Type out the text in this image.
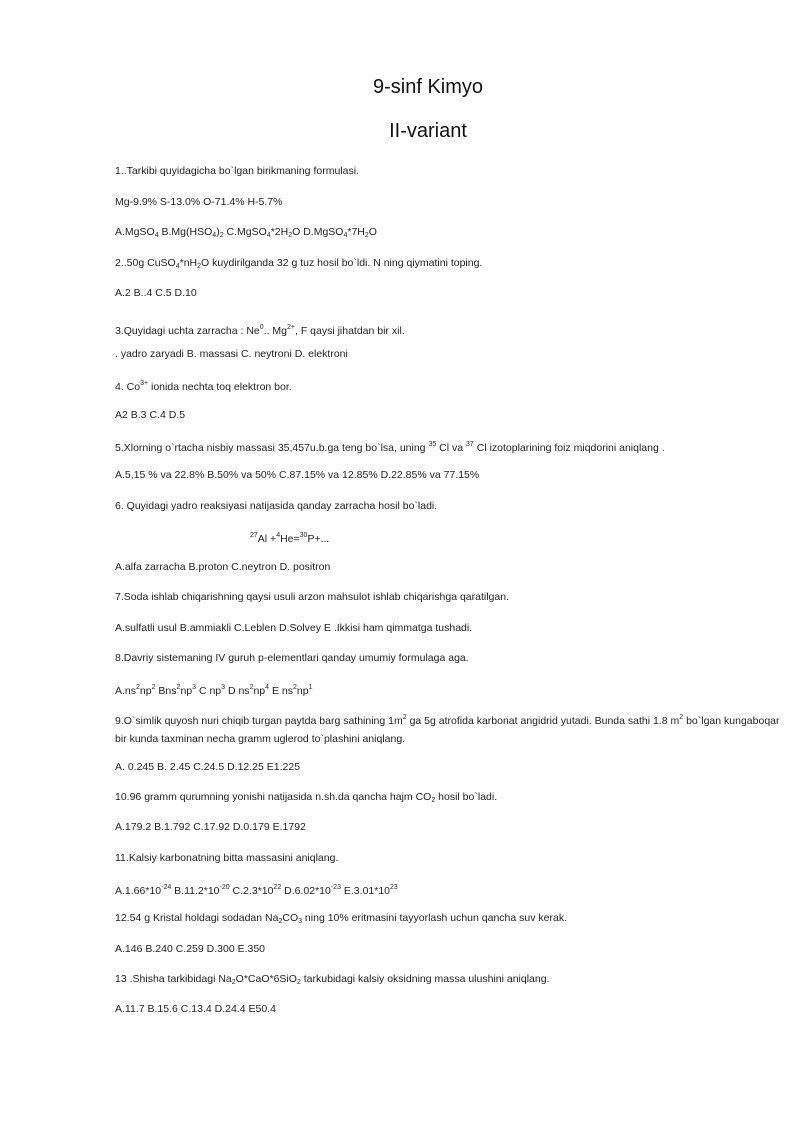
9-sinf Kimyo
II-variant

1..Tarkibi quyidagicha bo`lgan birikmaning formulasi.

Mg-9.9% S-13.0% O-71.4% H-5.7%

A.MgSO$_4$ $B.Mg(HSO_4)_2$ $C.MgSO_4*2H_2O$ $D.MgSO_4*7H_2O$

2..50g $CuSO_4*nH_2O$ kuydirilganda 32 g tuz hosil bo`ldi. N ning qiymatini toping.

A.2 B..4 C.5 D.10

3.Quyidagi uchta zarracha : Ne$^0$.. $Mg^{2+}$, F qaysi jihatdan bir xil.

. yadro zaryadi B. massasi C. neytroni D. elektroni

4. $Co^{3+}$ ionida nechta toq elektron bor.

A2 B.3 C.4 D.5

5.Xlorning o`rtacha nisbiy massasi 35,457u.b.ga teng bo`lsa, uning $^{35}$ Cl va $^{37}$ Cl izotoplarining foiz miqdorini aniqlang .

A.5,15 % va 22.8% B.50% va 50% C.87.15% va 12.85% D.22.85% va 77.15%

6. Quyidagi yadro reaksiyasi natijasida qanday zarracha hosil bo`ladi.

$^{27}$Al +$^4$He=$^{30}$P+...

A.alfa zarracha B.proton C.neytron D. positron

7.Soda ishlab chiqarishning qaysi usuli arzon mahsulot ishlab chiqarishga qaratilgan.

A.sulfatli usul B.ammiakli C.Leblen D.Solvey E .Ikkisi ham qimmatga tushadi.

8.Davriy sistemaning IV guruh p-elementlari qanday umumiy formulaga aga.

$A.ns^2np^2$ $Bns^2np^3$ C $np^3$ D $ns^2np^4$ E $ns^2np^1$

9.O`simlik quyosh nuri chiqib turgan paytda barg sathining $1m^2$ ga 5g atrofida karbonat angidrid yutadi. Bunda sathi 1.8 $m^2$ bo`lgan kungaboqar bir kunda taxminan necha gramm uglerod to`plashini aniqlang.

A. 0.245 B. 2.45 C.24.5 D.12.25 E1.225

10.96 gramm qurumning yonishi natijasida n.sh.da qancha hajm $CO_2$ hosil bo`ladi.

A.179.2 B.1.792 C.17.92 D.0.179 E.1792

11.Kalsiy karbonatning bitta massasini aniqlang.

$A.1.66*10^{-24}$ $B.11.2*10^{-20}$ $C.2.3*10^{22}$ $D.6.02*10^{-23}$ $E.3.01*10^{23}$

12.54 g Kristal holdagi sodadan $Na_2CO_3$ ning 10% eritmasini tayyorlash uchun qancha suv kerak.

A.146 B.240 C.259 D.300 E.350

13 .Shisha tarkibidagi $Na_2O*CaO*6SiO_2$ tarkubidagi kalsiy oksidning massa ulushini aniqlang.

A.11.7 B.15.6 C.13.4 D.24.4 E50.4
